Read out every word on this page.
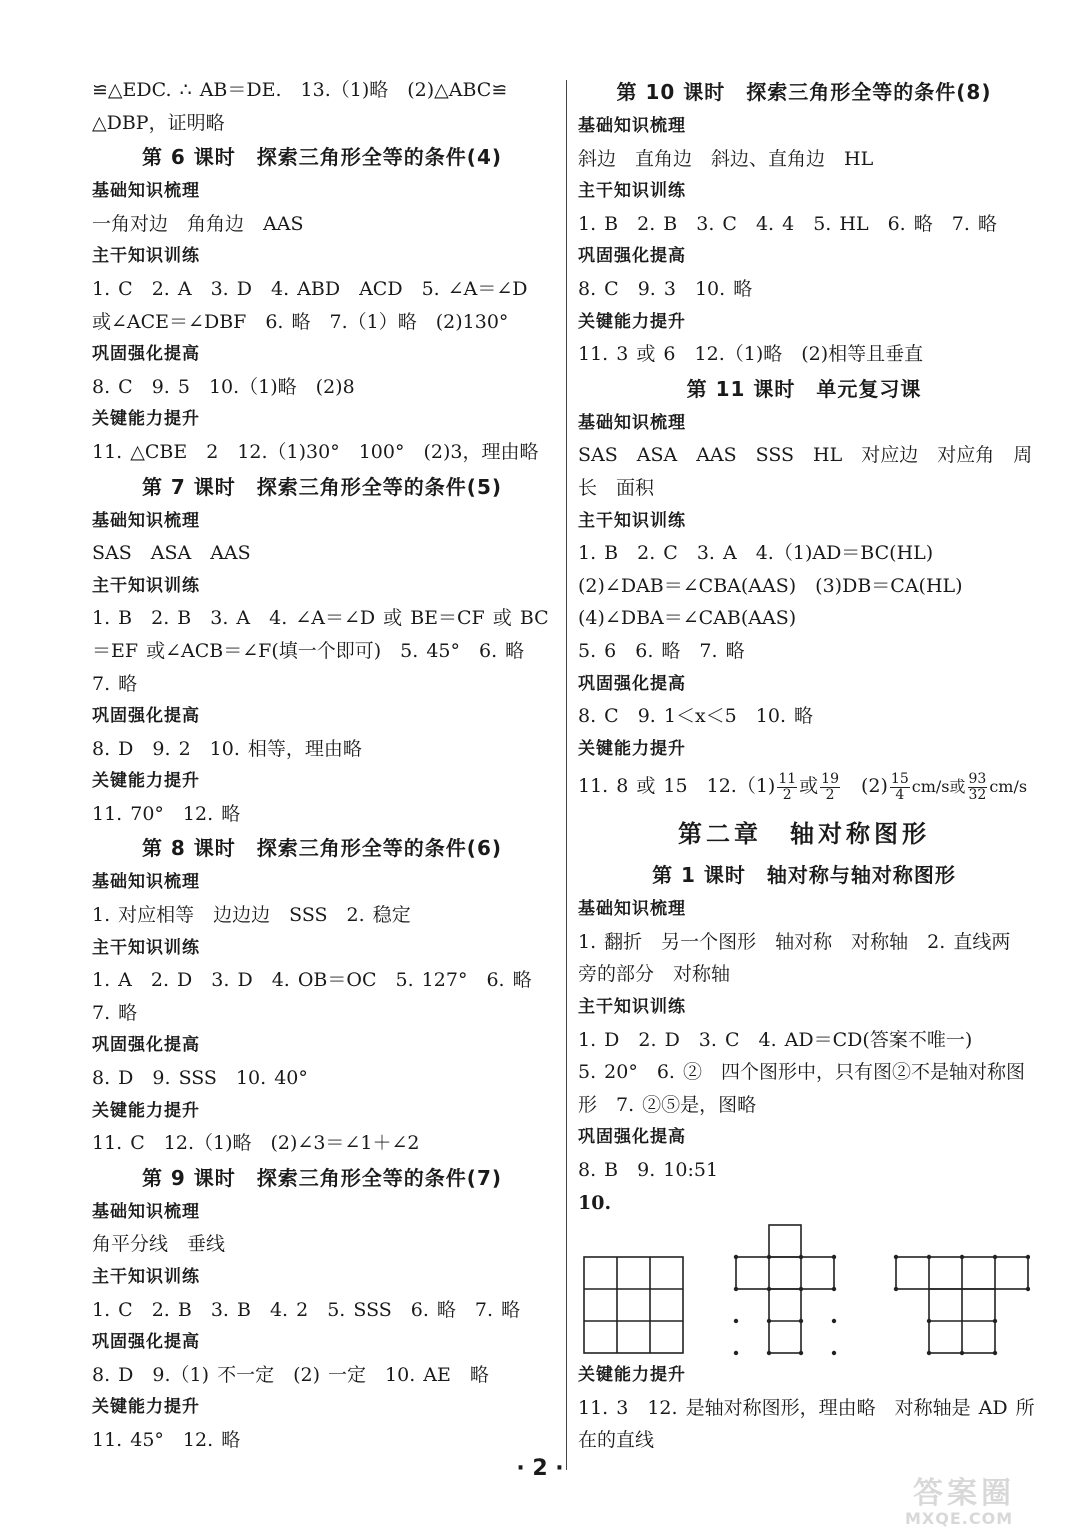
≌△EDC. ∴ AB＝DE.　13.（1)略　(2)△ABC≌
△DBP，证明略
第 6 课时　探索三角形全等的条件(4)
基础知识梳理
一角对边　角角边　AAS
主干知识训练
1. C　2. A　3. D　4. ABD　ACD　5. ∠A＝∠D
或∠ACE＝∠DBF　6. 略　7.（1）略　(2)130°
巩固强化提高
8. C　9. 5　10.（1)略　(2)8
关键能力提升
11. △CBE　2　12.（1)30°　100°　(2)3，理由略
第 7 课时　探索三角形全等的条件(5)
基础知识梳理
SAS　ASA　AAS
主干知识训练
1. B　2. B　3. A　4. ∠A＝∠D 或 BE＝CF 或 BC
＝EF 或∠ACB＝∠F(填一个即可)　5. 45°　6. 略
7. 略
巩固强化提高
8. D　9. 2　10. 相等，理由略
关键能力提升
11. 70°　12. 略
第 8 课时　探索三角形全等的条件(6)
基础知识梳理
1. 对应相等　边边边　SSS　2. 稳定
主干知识训练
1. A　2. D　3. D　4. OB＝OC　5. 127°　6. 略
7. 略
巩固强化提高
8. D　9. SSS　10. 40°
关键能力提升
11. C　12.（1)略　(2)∠3＝∠1＋∠2
第 9 课时　探索三角形全等的条件(7)
基础知识梳理
角平分线　垂线
主干知识训练
1. C　2. B　3. B　4. 2　5. SSS　6. 略　7. 略
巩固强化提高
8. D　9.（1) 不一定　(2) 一定　10. AE　略
关键能力提升
11. 45°　12. 略
第 10 课时　探索三角形全等的条件(8)
基础知识梳理
斜边　直角边　斜边、直角边　HL
主干知识训练
1. B　2. B　3. C　4. 4　5. HL　6. 略　7. 略
巩固强化提高
8. C　9. 3　10. 略
关键能力提升
11. 3 或 6　12.（1)略　(2)相等且垂直
第 11 课时　单元复习课
基础知识梳理
SAS　ASA　AAS　SSS　HL　对应边　对应角　周
长　面积
主干知识训练
1. B　2. C　3. A　4.（1)AD＝BC(HL)
(2)∠DAB＝∠CBA(AAS)　(3)DB＝CA(HL)
(4)∠DBA＝∠CAB(AAS)
5. 6　6. 略　7. 略
巩固强化提高
8. C　9. 1＜x＜5　10. 略
关键能力提升
11. 8 或 15　$12.(1) \frac{11}{2}$ 或 $\frac{19}{2}$ 　$(2) \frac{15}{4} cm/s$或 $\frac{93}{32} cm/s$
第二章　轴对称图形
第 1 课时　轴对称与轴对称图形
基础知识梳理
1. 翻折　另一个图形　轴对称　对称轴　2. 直线两
旁的部分　对称轴
主干知识训练
1. D　2. D　3. C　4. AD＝CD(答案不唯一)
5. 20°　6. ②　四个图形中，只有图②不是轴对称图
形　7. ②⑤是，图略
巩固强化提高
8. B　9. 10:51
10.
关键能力提升
11. 3　12. 是轴对称图形，理由略　对称轴是 AD 所
在的直线
· 2 ·
答案圈
MXQE.COM
